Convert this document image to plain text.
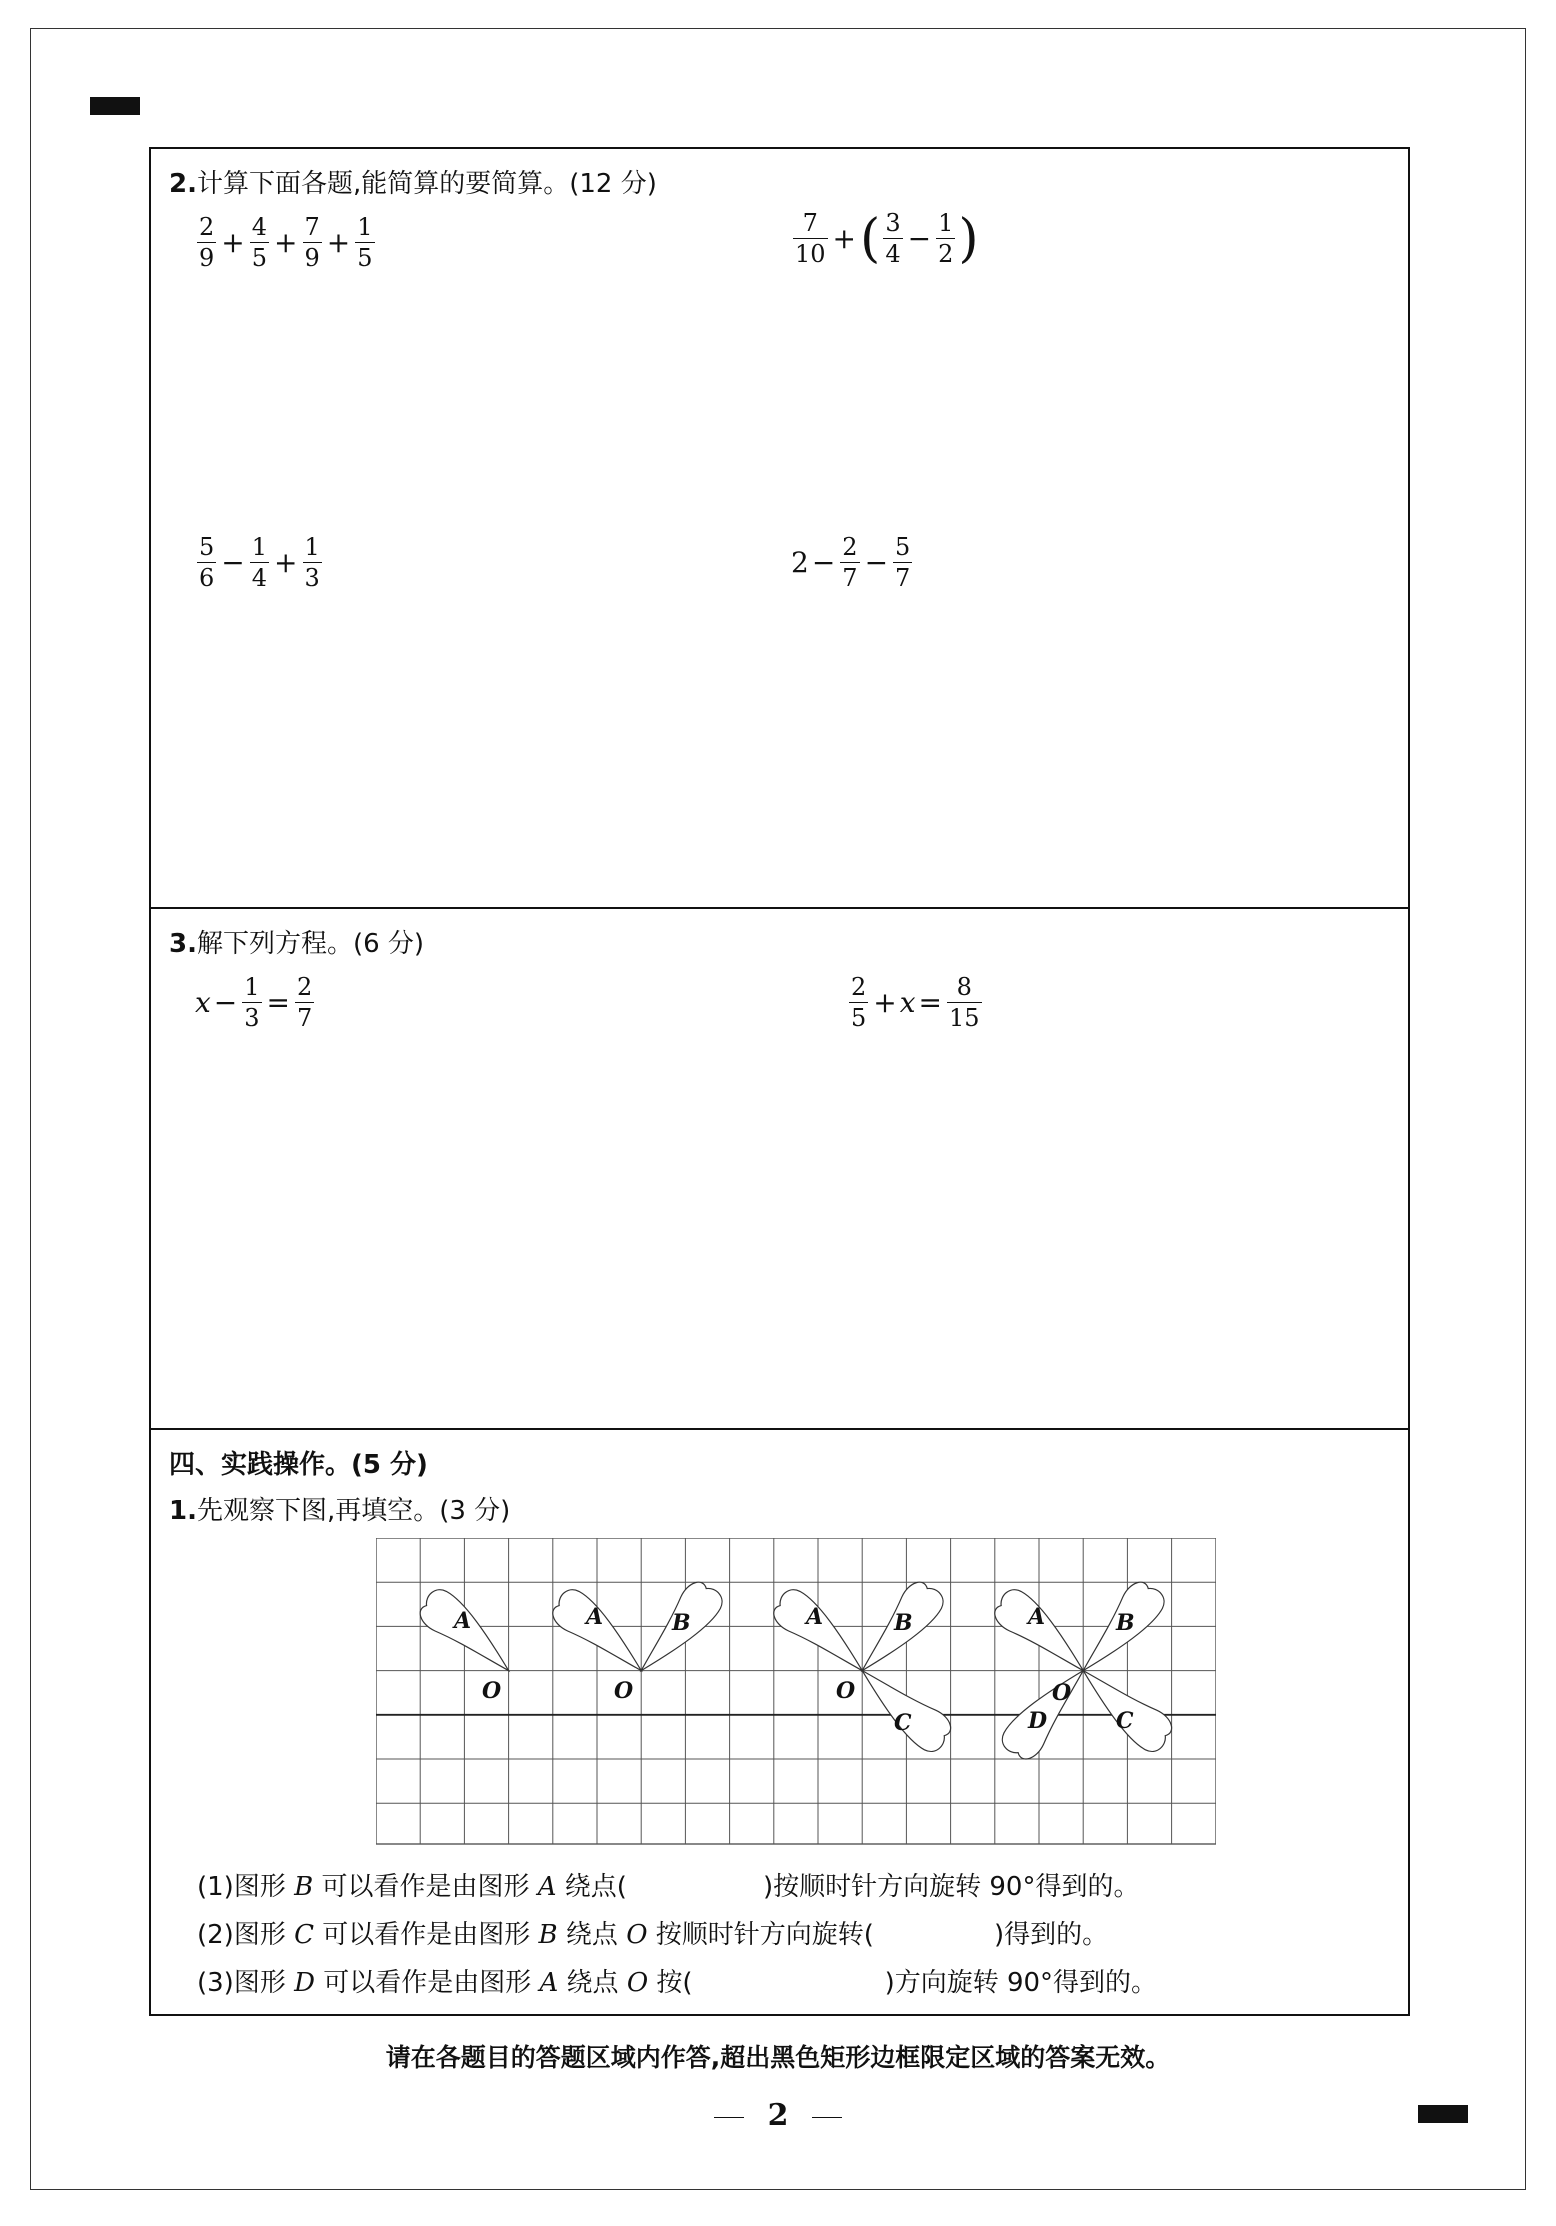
2.计算下面各题,能简算的要简算。(12 分)
$\frac{2}{9} + \frac{4}{5} + \frac{7}{9} + \frac{1}{5}$	$\frac{7}{10}$ + ( $\frac{3}{4} - \frac{1}{2}$ )
$\frac{5}{6} - \frac{1}{4} + \frac{1}{3}$	$2 - \frac{2}{7} - \frac{5}{7}$
3.解下列方程。(6 分)
$x - \frac{1}{3} = \frac{2}{7}$	$\frac{2}{5} + x = \frac{8}{15}$
四、实践操作。(5 分)
1.先观察下图,再填空。(3 分)
(1)图形 B 可以看作是由图形 A 绕点(	)按顺时针方向旋转 90°得到的。
(2)图形 C 可以看作是由图形 B 绕点 O 按顺时针方向旋转(	)得到的。
(3)图形 D 可以看作是由图形 A 绕点 O 按(	)方向旋转 90°得到的。
A
O
A	B
O
A	B
O
C
A	B
O
D	C
请在各题目的答题区域内作答,超出黑色矩形边框限定区域的答案无效。
2
